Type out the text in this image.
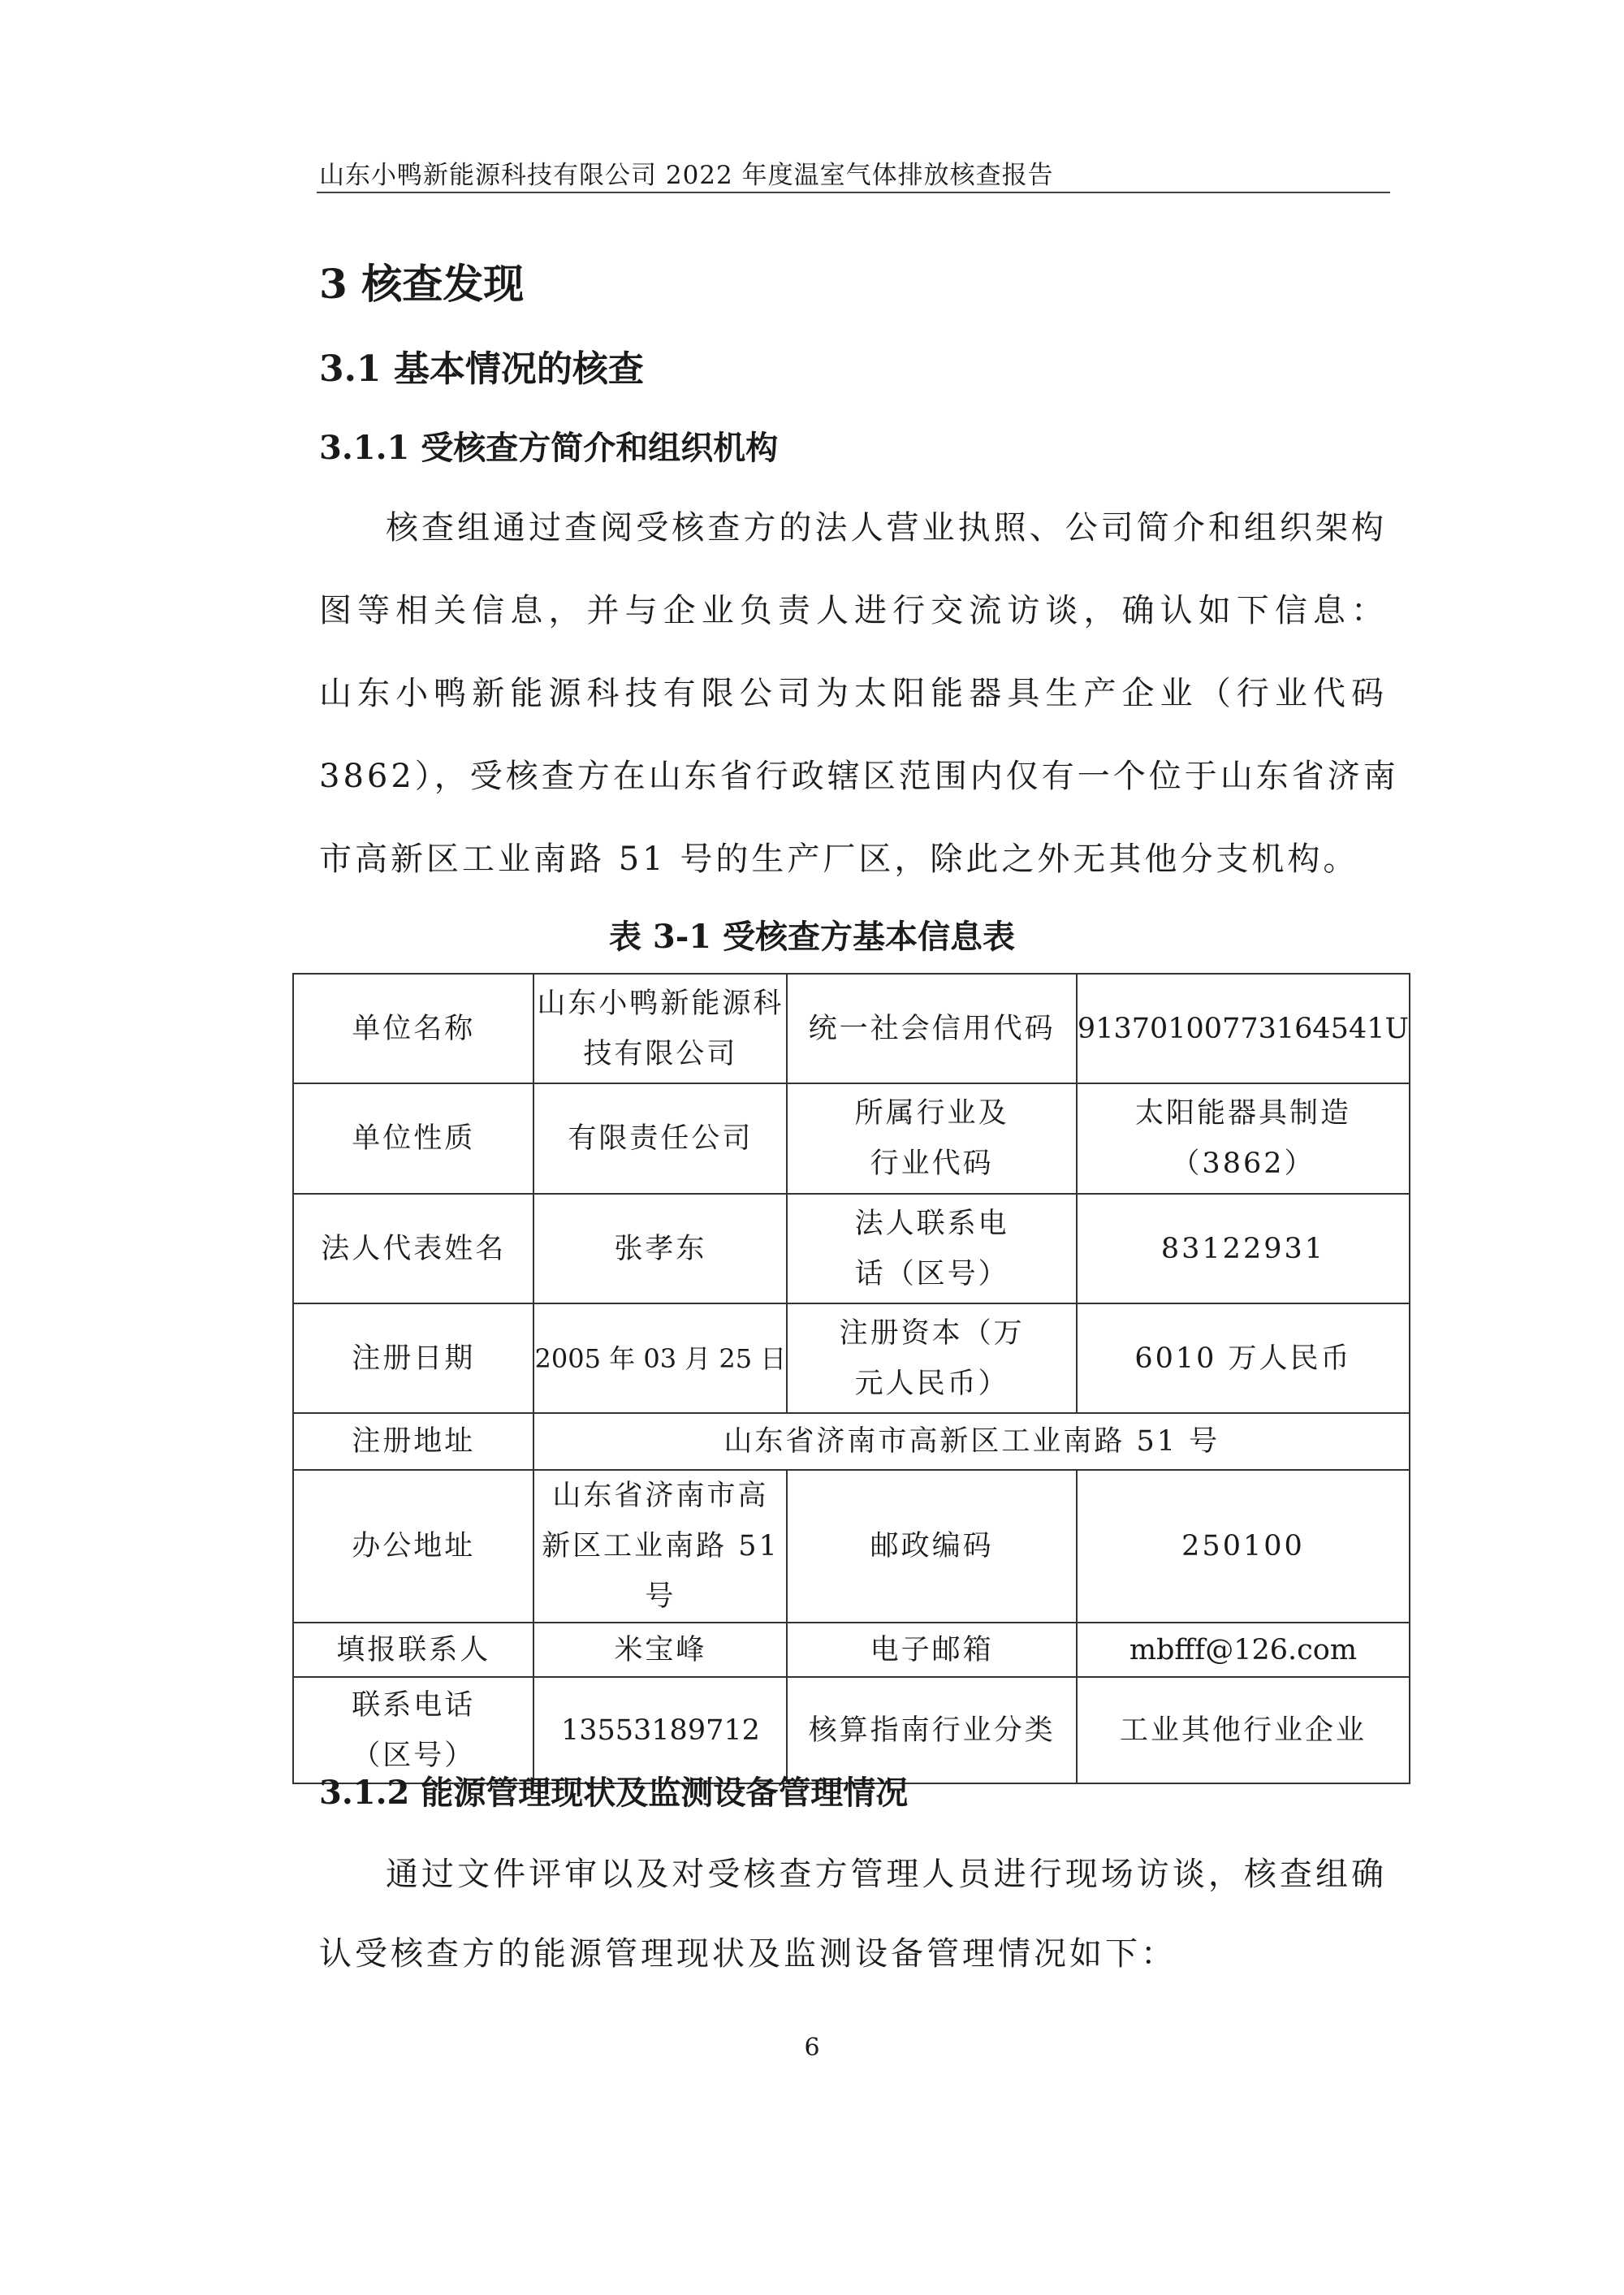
山东小鸭新能源科技有限公司 2022 年度温室气体排放核查报告
3 核查发现
3.1 基本情况的核查
3.1.1 受核查方简介和组织机构
核查组通过查阅受核查方的法人营业执照、公司简介和组织架构
图等相关信息，并与企业负责人进行交流访谈，确认如下信息：
山东小鸭新能源科技有限公司为太阳能器具生产企业（行业代码
3862），受核查方在山东省行政辖区范围内仅有一个位于山东省济南
市高新区工业南路 51 号的生产厂区，除此之外无其他分支机构。
表 3-1 受核查方基本信息表
单位名称	山东小鸭新能源科技有限公司	统一社会信用代码	91370100773164541U
单位性质	有限责任公司	所属行业及行业代码	太阳能器具制造（3862）
法人代表姓名	张孝东	法人联系电话（区号）	83122931
注册日期	2005 年 03 月 25 日	注册资本（万元人民币）	6010 万人民币
注册地址	山东省济南市高新区工业南路 51 号		
办公地址	山东省济南市高新区工业南路 51 号	邮政编码	250100
填报联系人	米宝峰	电子邮箱	mbfff@126.com
联系电话（区号）	13553189712	核算指南行业分类	工业其他行业企业
3.1.2 能源管理现状及监测设备管理情况
通过文件评审以及对受核查方管理人员进行现场访谈，核查组确
认受核查方的能源管理现状及监测设备管理情况如下：
6
